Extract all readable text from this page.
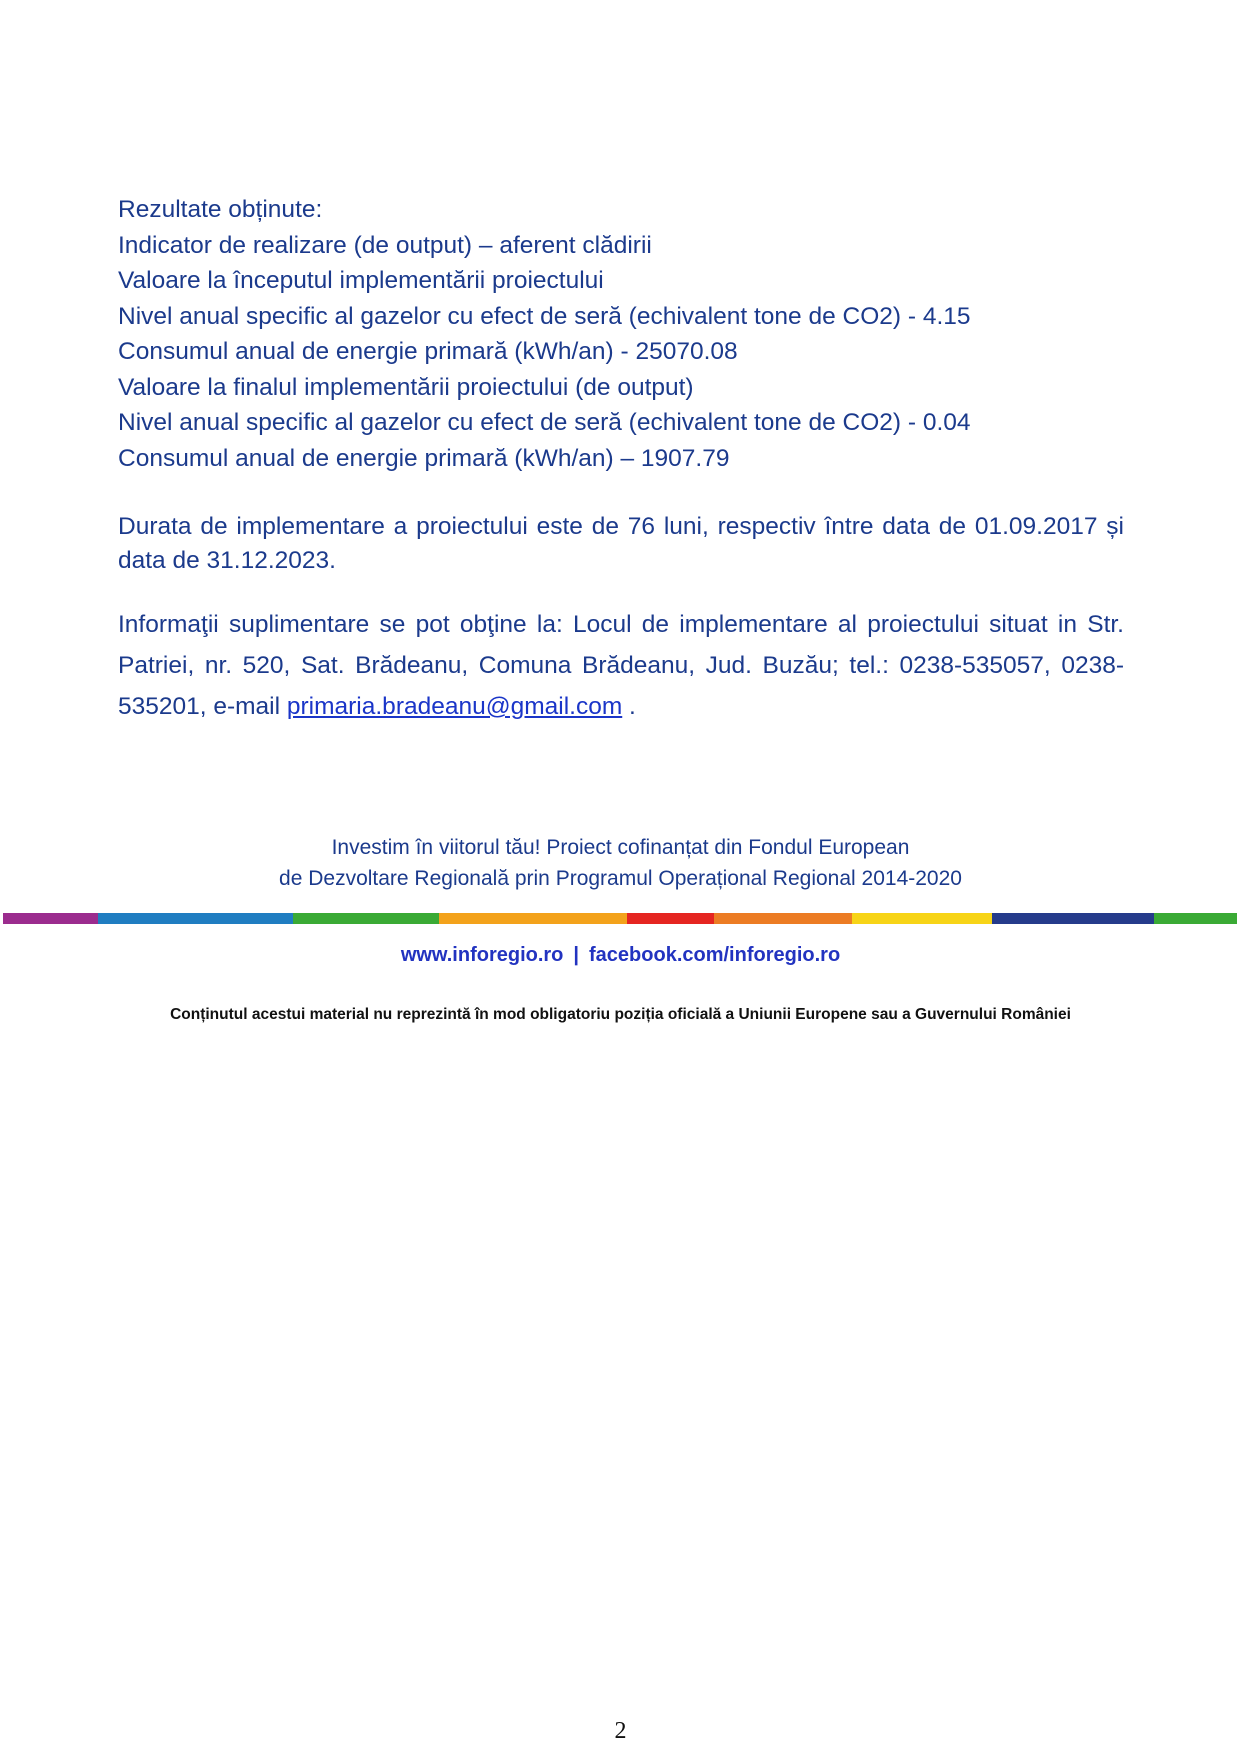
Rezultate obținute:
Indicator de realizare (de output) – aferent clădirii
Valoare la începutul implementării proiectului
Nivel anual specific al gazelor cu efect de seră (echivalent tone de CO2) - 4.15
Consumul anual de energie primară (kWh/an) - 25070.08
Valoare la finalul implementării proiectului (de output)
Nivel anual specific al gazelor cu efect de seră (echivalent tone de CO2) - 0.04
Consumul anual de energie primară (kWh/an) – 1907.79
Durata de implementare a proiectului este de 76 luni, respectiv între data de 01.09.2017 și data de 31.12.2023.
Informaţii suplimentare se pot obţine la: Locul de implementare al proiectului situat in Str. Patriei, nr. 520, Sat. Brădeanu, Comuna Brădeanu, Jud. Buzău; tel.: 0238-535057, 0238-535201, e-mail primaria.bradeanu@gmail.com .
Investim în viitorul tău! Proiect cofinanțat din Fondul European
de Dezvoltare Regională prin Programul Operațional Regional 2014-2020
www.inforegio.ro | facebook.com/inforegio.ro
Conținutul acestui material nu reprezintă în mod obligatoriu poziția oficială a Uniunii Europene sau a Guvernului României
2
